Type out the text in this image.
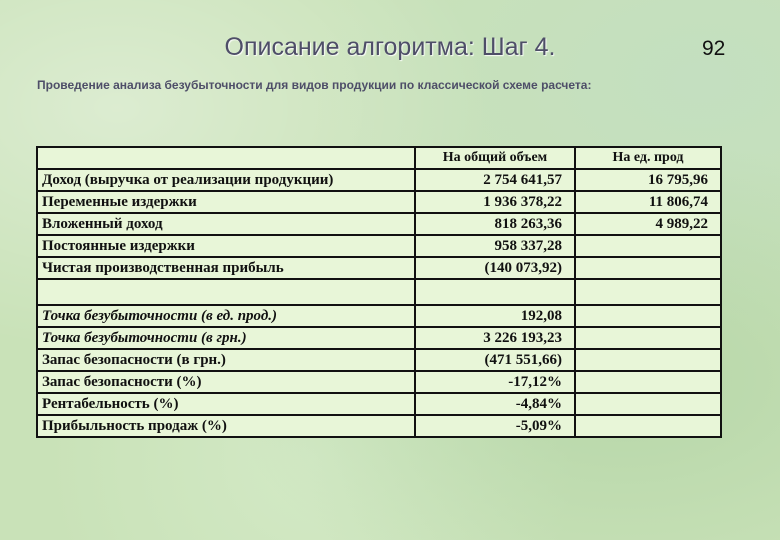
Описание алгоритма: Шаг 4.	92
Проведение анализа безубыточности для видов продукции по классической схеме расчета:
	На общий объем	На ед. прод
Доход (выручка от реализации продукции)	2 754 641,57	16 795,96
Переменные издержки	1 936 378,22	11 806,74
Вложенный доход	818 263,36	4 989,22
Постоянные издержки	958 337,28	
Чистая производственная прибыль	(140 073,92)	

Точка безубыточности (в ед. прод.)	192,08	
Точка безубыточности (в грн.)	3 226 193,23	
Запас безопасности (в грн.)	(471 551,66)	
Запас безопасности (%)	-17,12%	
Рентабельность (%)	-4,84%	
Прибыльность продаж (%)	-5,09%	
